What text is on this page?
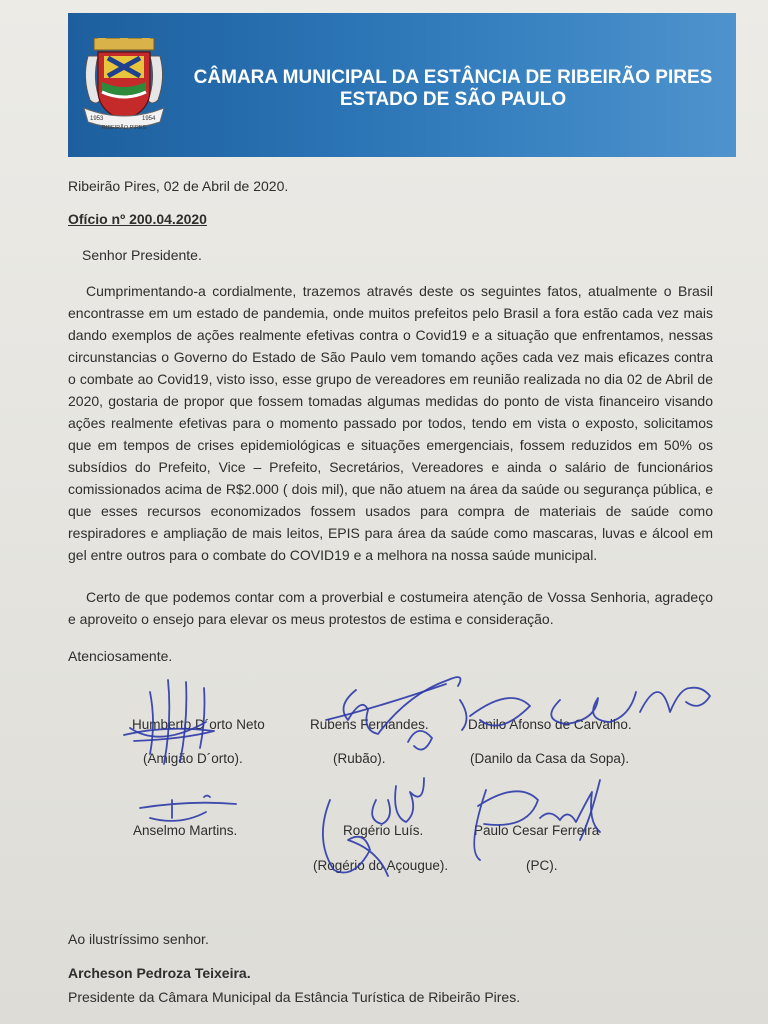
1953	1954
RIBEIRÃO PIRES
CÂMARA MUNICIPAL DA ESTÂNCIA DE RIBEIRÃO PIRES
ESTADO DE SÃO PAULO
Ribeirão Pires, 02 de Abril de 2020.
Ofício nº 200.04.2020
Senhor Presidente.

Cumprimentando-a cordialmente, trazemos através deste os seguintes fatos, atualmente o Brasil encontrasse em um estado de pandemia, onde muitos prefeitos pelo Brasil a fora estão cada vez mais dando exemplos de ações realmente efetivas contra o Covid19 e a situação que enfrentamos, nessas circunstancias o Governo do Estado de São Paulo vem tomando ações cada vez mais eficazes contra o combate ao Covid19, visto isso, esse grupo de vereadores em reunião realizada no dia 02 de Abril de 2020, gostaria de propor que fossem tomadas algumas medidas do ponto de vista financeiro visando ações realmente efetivas para o momento passado por todos, tendo em vista o exposto, solicitamos que em tempos de crises epidemiológicas e situações emergenciais, fossem reduzidos em 50% os subsídios do Prefeito, Vice – Prefeito, Secretários, Vereadores e ainda o salário de funcionários comissionados acima de R$2.000 ( dois mil), que não atuem na área da saúde ou segurança pública, e que esses recursos economizados fossem usados para compra de materiais de saúde como respiradores e ampliação de mais leitos, EPIS para área da saúde como mascaras, luvas e álcool em gel entre outros para o combate do COVID19 e a melhora na nossa saúde municipal.

Certo de que podemos contar com a proverbial e costumeira atenção de Vossa Senhoria, agradeço e aproveito o ensejo para elevar os meus protestos de estima e consideração.

Atenciosamente.
Humberto D´orto Neto
(Amigão D´orto).
Rubens Fernandes.
(Rubão).
Danilo Afonso de Carvalho.
(Danilo da Casa da Sopa).
Anselmo Martins.	Rogério Luís.
(Rogério do Açougue).
Paulo Cesar Ferreira
(PC).
Ao ilustríssimo senhor.
Archeson Pedroza Teixeira.
Presidente da Câmara Municipal da Estância Turística de Ribeirão Pires.
